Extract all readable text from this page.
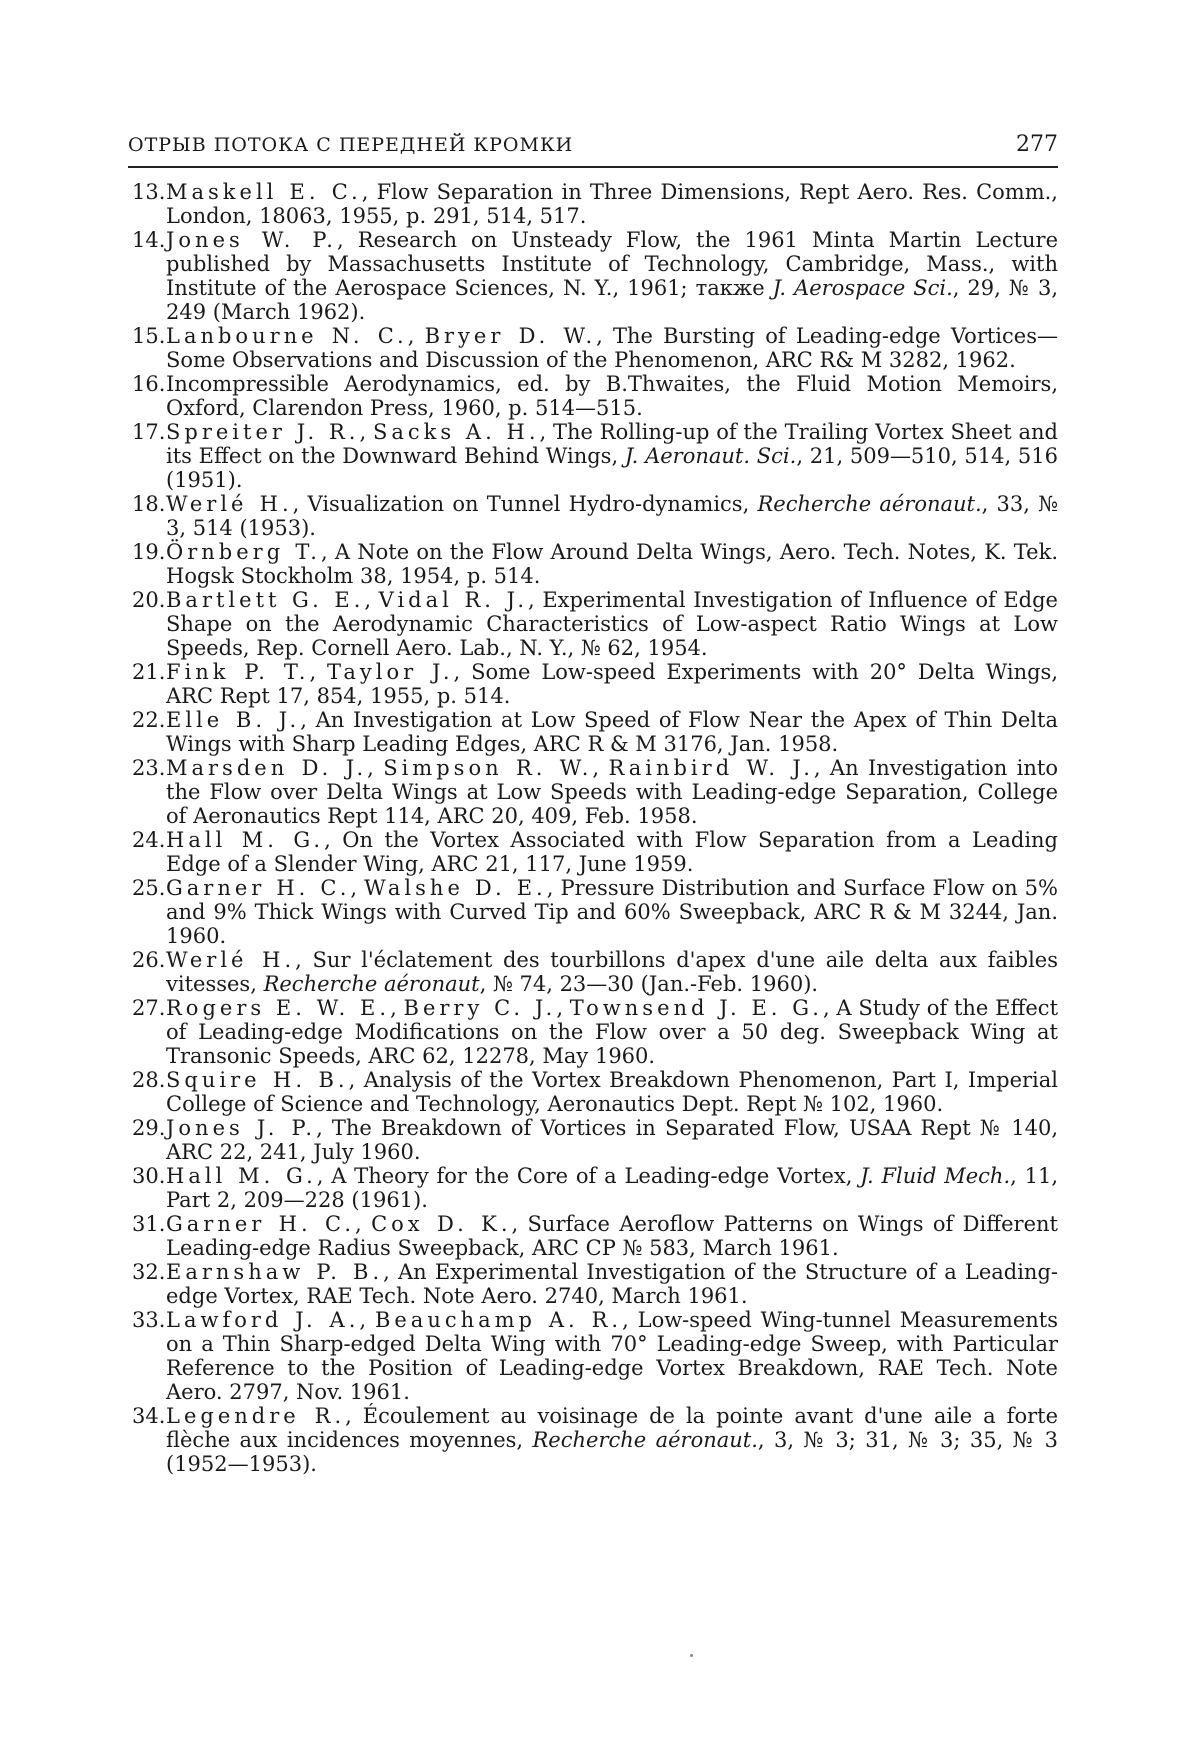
ОТРЫВ ПОТОКА С ПЕРЕДНЕЙ КРОМКИ	277
13. Maskell E. C., Flow Separation in Three Dimensions, Rept Aero. Res. Comm., London, 18063, 1955, p. 291, 514, 517.
14. Jones W. P., Research on Unsteady Flow, the 1961 Minta Martin Lecture published by Massachusetts Institute of Technology, Cambridge, Mass., with Institute of the Aerospace Sciences, N. Y., 1961; также J. Aerospace Sci., 29, № 3, 249 (March 1962).
15. Lanbourne N. C., Bryer D. W., The Bursting of Leading-edge Vortices—Some Observations and Discussion of the Phenomenon, ARC R& M 3282, 1962.
16. Incompressible Aerodynamics, ed. by B.Thwaites, the Fluid Motion Memoirs, Oxford, Clarendon Press, 1960, p. 514—515.
17. Spreiter J. R., Sacks A. H., The Rolling-up of the Trailing Vortex Sheet and its Effect on the Downward Behind Wings, J. Aeronaut. Sci., 21, 509—510, 514, 516 (1951).
18. Werlé H., Visualization on Tunnel Hydro-dynamics, Recherche aéronaut., 33, № 3, 514 (1953).
19. Örnberg T., A Note on the Flow Around Delta Wings, Aero. Tech. Notes, K. Tek. Hogsk Stockholm 38, 1954, p. 514.
20. Bartlett G. E., Vidal R. J., Experimental Investigation of Influence of Edge Shape on the Aerodynamic Characteristics of Low-aspect Ratio Wings at Low Speeds, Rep. Cornell Aero. Lab., N. Y., № 62, 1954.
21. Fink P. T., Taylor J., Some Low-speed Experiments with 20° Delta Wings, ARC Rept 17, 854, 1955, p. 514.
22. Elle B. J., An Investigation at Low Speed of Flow Near the Apex of Thin Delta Wings with Sharp Leading Edges, ARC R & M 3176, Jan. 1958.
23. Marsden D. J., Simpson R. W., Rainbird W. J., An Investigation into the Flow over Delta Wings at Low Speeds with Leading-edge Separation, College of Aeronautics Rept 114, ARC 20, 409, Feb. 1958.
24. Hall M. G., On the Vortex Associated with Flow Separation from a Leading Edge of a Slender Wing, ARC 21, 117, June 1959.
25. Garner H. C., Walshe D. E., Pressure Distribution and Surface Flow on 5% and 9% Thick Wings with Curved Tip and 60% Sweepback, ARC R & M 3244, Jan. 1960.
26. Werlé H., Sur l'éclatement des tourbillons d'apex d'une aile delta aux faibles vitesses, Recherche aéronaut, № 74, 23—30 (Jan.-Feb. 1960).
27. Rogers E. W. E., Berry C. J., Townsend J. E. G., A Study of the Effect of Leading-edge Modifications on the Flow over a 50 deg. Sweepback Wing at Transonic Speeds, ARC 62, 12278, May 1960.
28. Squire H. B., Analysis of the Vortex Breakdown Phenomenon, Part I, Imperial College of Science and Technology, Aeronautics Dept. Rept № 102, 1960.
29. Jones J. P., The Breakdown of Vortices in Separated Flow, USAA Rept № 140, ARC 22, 241, July 1960.
30. Hall M. G., A Theory for the Core of a Leading-edge Vortex, J. Fluid Mech., 11, Part 2, 209—228 (1961).
31. Garner H. C., Cox D. K., Surface Aeroflow Patterns on Wings of Different Leading-edge Radius Sweepback, ARC CP № 583, March 1961.
32. Earnshaw P. B., An Experimental Investigation of the Structure of a Leading-edge Vortex, RAE Tech. Note Aero. 2740, March 1961.
33. Lawford J. A., Beauchamp A. R., Low-speed Wing-tunnel Measurements on a Thin Sharp-edged Delta Wing with 70° Leading-edge Sweep, with Particular Reference to the Position of Leading-edge Vortex Breakdown, RAE Tech. Note Aero. 2797, Nov. 1961.
34. Legendre R., Écoulement au voisinage de la pointe avant d'une aile a forte flèche aux incidences moyennes, Recherche aéronaut., 3, № 3; 31, № 3; 35, № 3 (1952—1953).
